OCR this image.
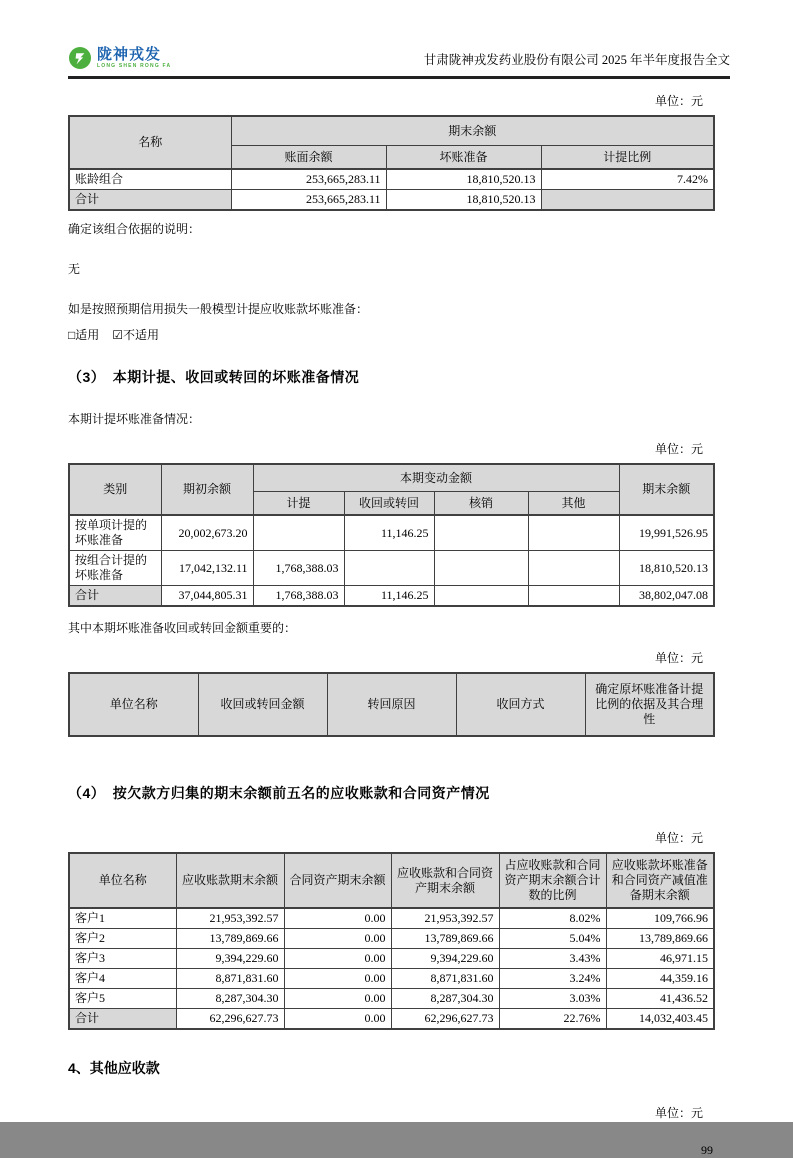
陇神戎发
LONG SHEN RONG FA	甘肃陇神戎发药业股份有限公司 2025 年半年度报告全文
单位：元
名称	期末余额		
	账面余额	坏账准备	计提比例
账龄组合	253,665,283.11	18,810,520.13	7.42%
合计	253,665,283.11	18,810,520.13	

确定该组合依据的说明：

无

如是按照预期信用损失一般模型计提应收账款坏账准备：

□适用 ☑不适用

（3）　本期计提、收回或转回的坏账准备情况

本期计提坏账准备情况：

单位：元
类别	期初余额	本期变动金额				期末余额
		计提	收回或转回	核销	其他	
按单项计提的坏账准备	20,002,673.20		11,146.25			19,991,526.95
按组合计提的坏账准备	17,042,132.11	1,768,388.03				18,810,520.13
合计	37,044,805.31	1,768,388.03	11,146.25			38,802,047.08

其中本期坏账准备收回或转回金额重要的：

单位：元
单位名称	收回或转回金额	转回原因	收回方式	确定原坏账准备计提比例的依据及其合理性
（4）　按欠款方归集的期末余额前五名的应收账款和合同资产情况
单位：元
单位名称	应收账款期末余额	合同资产期末余额	应收账款和合同资产期末余额	占应收账款和合同资产期末余额合计数的比例	应收账款坏账准备和合同资产减值准备期末余额
客户1	21,953,392.57	0.00	21,953,392.57	8.02%	109,766.96
客户2	13,789,869.66	0.00	13,789,869.66	5.04%	13,789,869.66
客户3	9,394,229.60	0.00	9,394,229.60	3.43%	46,971.15
客户4	8,871,831.60	0.00	8,871,831.60	3.24%	44,359.16
客户5	8,287,304.30	0.00	8,287,304.30	3.03%	41,436.52
合计	62,296,627.73	0.00	62,296,627.73	22.76%	14,032,403.45
4、其他应收款
单位：元
99
